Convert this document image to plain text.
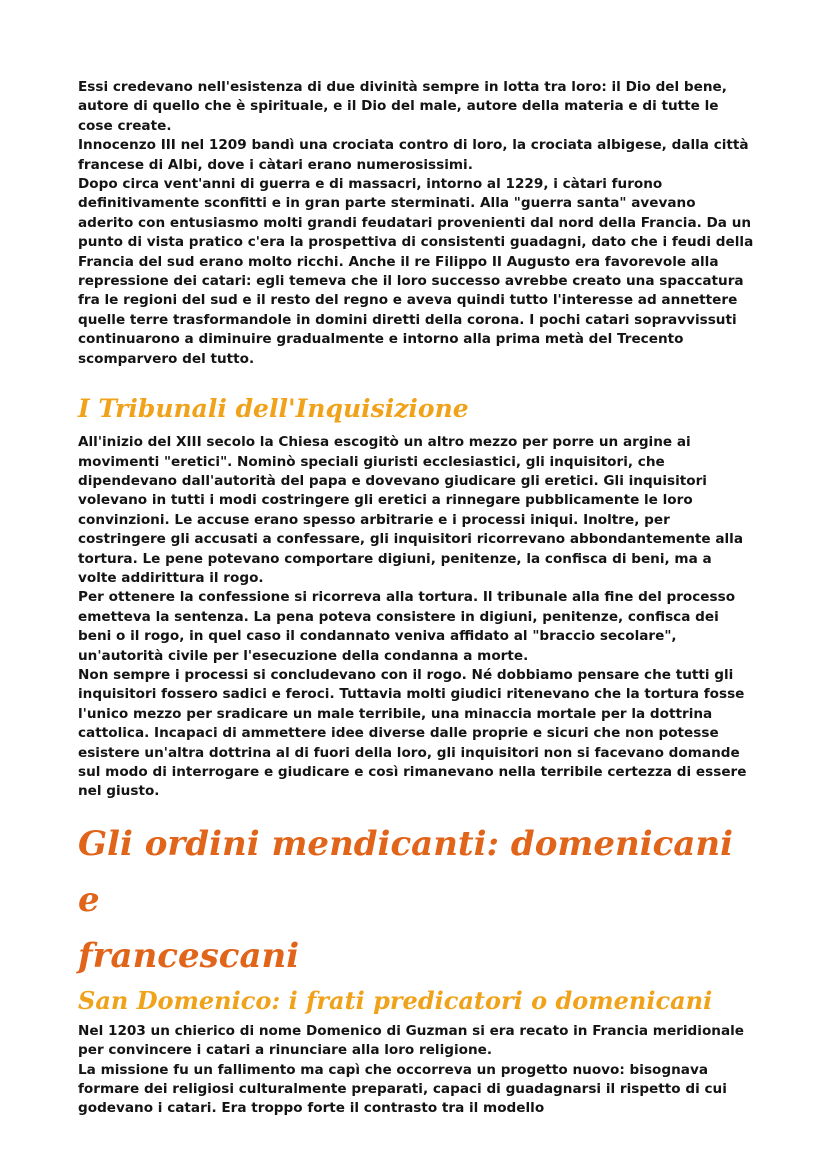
Essi credevano nell'esistenza di due divinità sempre in lotta tra loro: il Dio del bene, autore di quello che è spirituale, e il Dio del male, autore della materia e di tutte le cose create.

Innocenzo III nel 1209 bandì una crociata contro di loro, la crociata albigese, dalla città francese di Albi, dove i càtari erano numerosissimi.

Dopo circa vent'anni di guerra e di massacri, intorno al 1229, i càtari furono definitivamente sconfitti e in gran parte sterminati. Alla "guerra santa" avevano aderito con entusiasmo molti grandi feudatari provenienti dal nord della Francia. Da un punto di vista pratico c'era la prospettiva di consistenti guadagni, dato che i feudi della Francia del sud erano molto ricchi. Anche il re Filippo II Augusto era favorevole alla repressione dei catari: egli temeva che il loro successo avrebbe creato una spaccatura fra le regioni del sud e il resto del regno e aveva quindi tutto l'interesse ad annettere quelle terre trasformandole in domini diretti della corona. I pochi catari sopravvissuti continuarono a diminuire gradualmente e intorno alla prima metà del Trecento scomparvero del tutto.

I Tribunali dell'Inquisizione

All'inizio del XIII secolo la Chiesa escogitò un altro mezzo per porre un argine ai movimenti "eretici". Nominò speciali giuristi ecclesiastici, gli inquisitori, che dipendevano dall'autorità del papa e dovevano giudicare gli eretici. Gli inquisitori volevano in tutti i modi costringere gli eretici a rinnegare pubblicamente le loro convinzioni. Le accuse erano spesso arbitrarie e i processi iniqui. Inoltre, per costringere gli accusati a confessare, gli inquisitori ricorrevano abbondantemente alla tortura. Le pene potevano comportare digiuni, penitenze, la confisca di beni, ma a volte addirittura il rogo.

Per ottenere la confessione si ricorreva alla tortura. Il tribunale alla fine del processo emetteva la sentenza. La pena poteva consistere in digiuni, penitenze, confisca dei beni o il rogo, in quel caso il condannato veniva affidato al "braccio secolare", un'autorità civile per l'esecuzione della condanna a morte.

Non sempre i processi si concludevano con il rogo. Né dobbiamo pensare che tutti gli inquisitori fossero sadici e feroci. Tuttavia molti giudici ritenevano che la tortura fosse l'unico mezzo per sradicare un male terribile, una minaccia mortale per la dottrina cattolica. Incapaci di ammettere idee diverse dalle proprie e sicuri che non potesse esistere un'altra dottrina al di fuori della loro, gli inquisitori non si facevano domande sul modo di interrogare e giudicare e così rimanevano nella terribile certezza di essere nel giusto.

Gli ordini mendicanti: domenicani e
francescani
San Domenico: i frati predicatori o domenicani

Nel 1203 un chierico di nome Domenico di Guzman si era recato in Francia meridionale per convincere i catari a rinunciare alla loro religione.

La missione fu un fallimento ma capì che occorreva un progetto nuovo: bisognava formare dei religiosi culturalmente preparati, capaci di guadagnarsi il rispetto di cui godevano i catari. Era troppo forte il contrasto tra il modello
